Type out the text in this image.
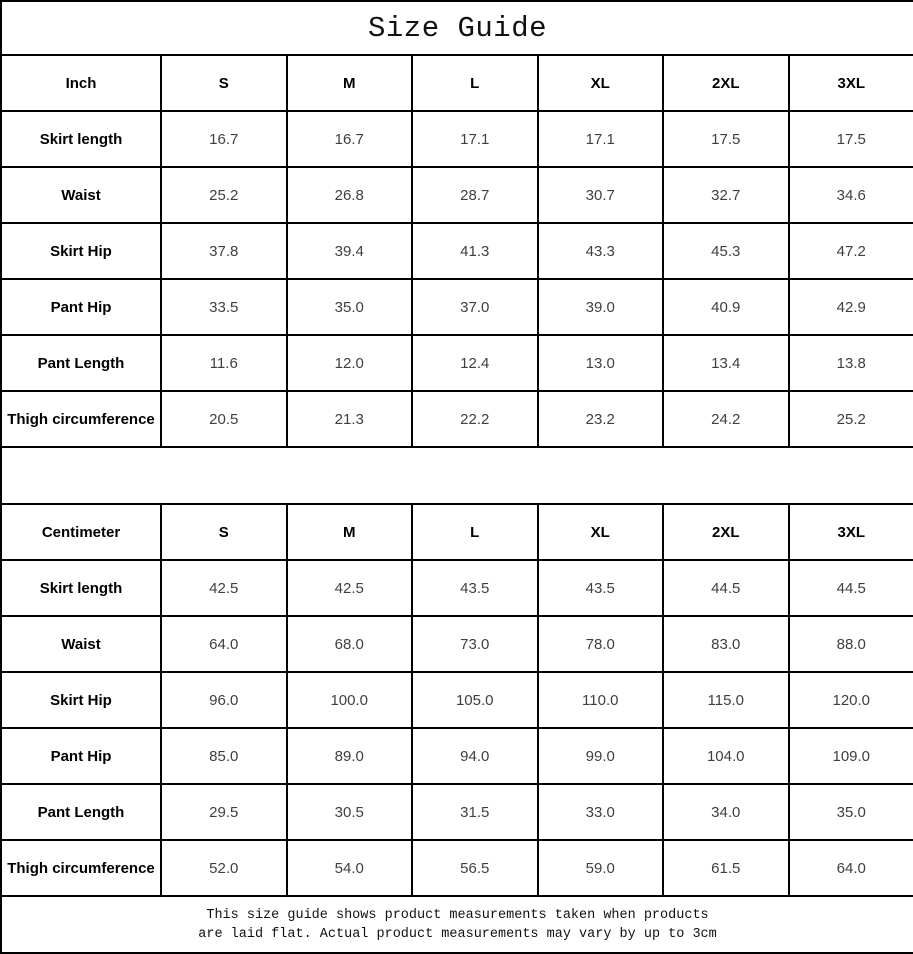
Size Guide						
Inch	S	M	L	XL	2XL	3XL
Skirt length	16.7	16.7	17.1	17.1	17.5	17.5
Waist	25.2	26.8	28.7	30.7	32.7	34.6
Skirt Hip	37.8	39.4	41.3	43.3	45.3	47.2
Pant Hip	33.5	35.0	37.0	39.0	40.9	42.9
Pant Length	11.6	12.0	12.4	13.0	13.4	13.8
Thigh circumference	20.5	21.3	22.2	23.2	24.2	25.2

Centimeter	S	M	L	XL	2XL	3XL
Skirt length	42.5	42.5	43.5	43.5	44.5	44.5
Waist	64.0	68.0	73.0	78.0	83.0	88.0
Skirt Hip	96.0	100.0	105.0	110.0	115.0	120.0
Pant Hip	85.0	89.0	94.0	99.0	104.0	109.0
Pant Length	29.5	30.5	31.5	33.0	34.0	35.0
Thigh circumference	52.0	54.0	56.5	59.0	61.5	64.0

This size guide shows product measurements taken when products
are laid flat. Actual product measurements may vary by up to 3cm						
